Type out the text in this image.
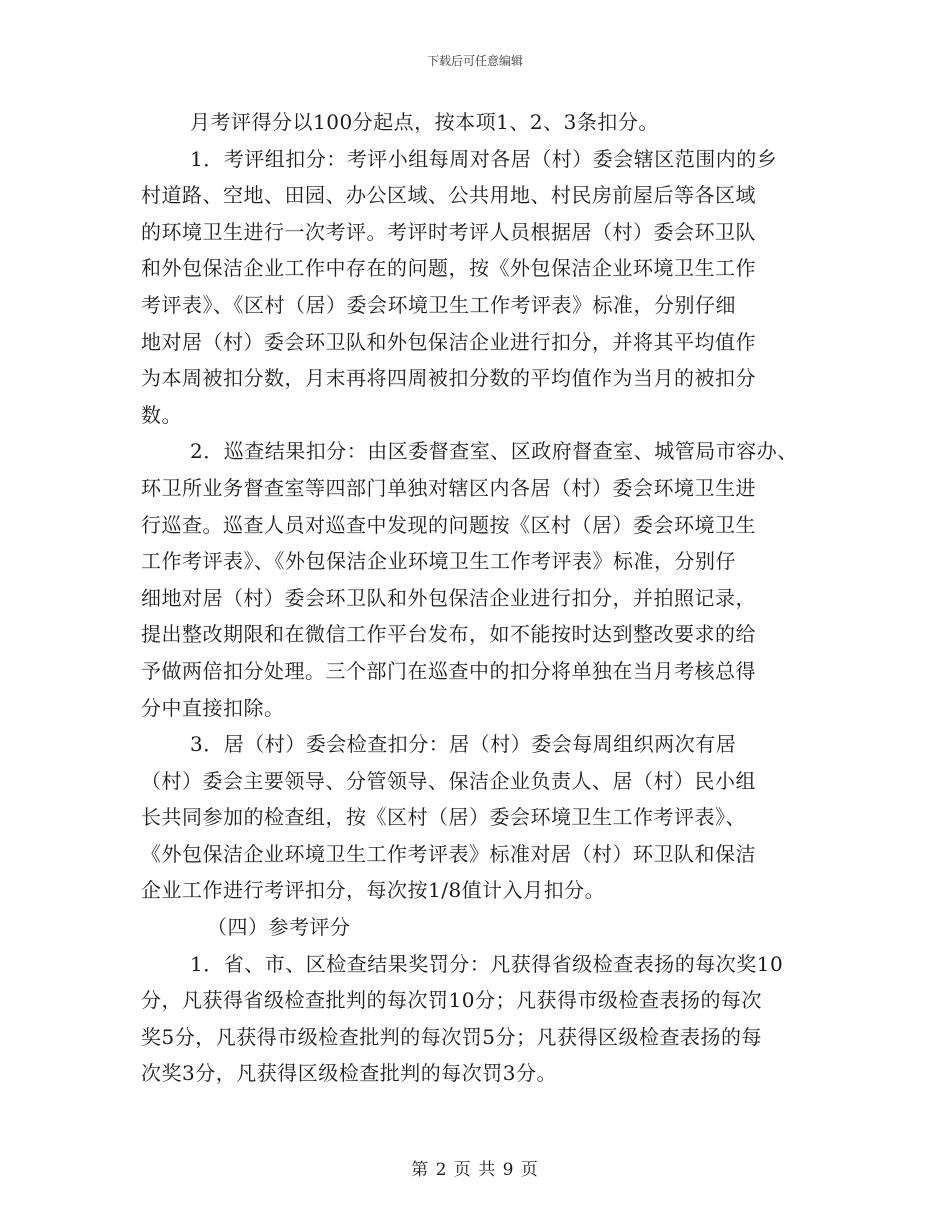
下载后可任意编辑
月考评得分以100分起点，按本项1、2、3条扣分。
1．考评组扣分：考评小组每周对各居（村）委会辖区范围内的乡
村道路、空地、田园、办公区域、公共用地、村民房前屋后等各区域
的环境卫生进行一次考评。考评时考评人员根据居（村）委会环卫队
和外包保洁企业工作中存在的问题，按《外包保洁企业环境卫生工作
考评表》、《区村（居）委会环境卫生工作考评表》标准，分别仔细
地对居（村）委会环卫队和外包保洁企业进行扣分，并将其平均值作
为本周被扣分数，月末再将四周被扣分数的平均值作为当月的被扣分
数。
2．巡查结果扣分：由区委督查室、区政府督查室、城管局市容办、
环卫所业务督查室等四部门单独对辖区内各居（村）委会环境卫生进
行巡查。巡查人员对巡查中发现的问题按《区村（居）委会环境卫生
工作考评表》、《外包保洁企业环境卫生工作考评表》标准，分别仔
细地对居（村）委会环卫队和外包保洁企业进行扣分，并拍照记录，
提出整改期限和在微信工作平台发布，如不能按时达到整改要求的给
予做两倍扣分处理。三个部门在巡查中的扣分将单独在当月考核总得
分中直接扣除。
3．居（村）委会检查扣分：居（村）委会每周组织两次有居
（村）委会主要领导、分管领导、保洁企业负责人、居（村）民小组
长共同参加的检查组，按《区村（居）委会环境卫生工作考评表》、
《外包保洁企业环境卫生工作考评表》标准对居（村）环卫队和保洁
企业工作进行考评扣分，每次按1/8值计入月扣分。
（四）参考评分
1．省、市、区检查结果奖罚分：凡获得省级检查表扬的每次奖10
分，凡获得省级检查批判的每次罚10分；凡获得市级检查表扬的每次
奖5分，凡获得市级检查批判的每次罚5分；凡获得区级检查表扬的每
次奖3分，凡获得区级检查批判的每次罚3分。
第 2 页 共 9 页
